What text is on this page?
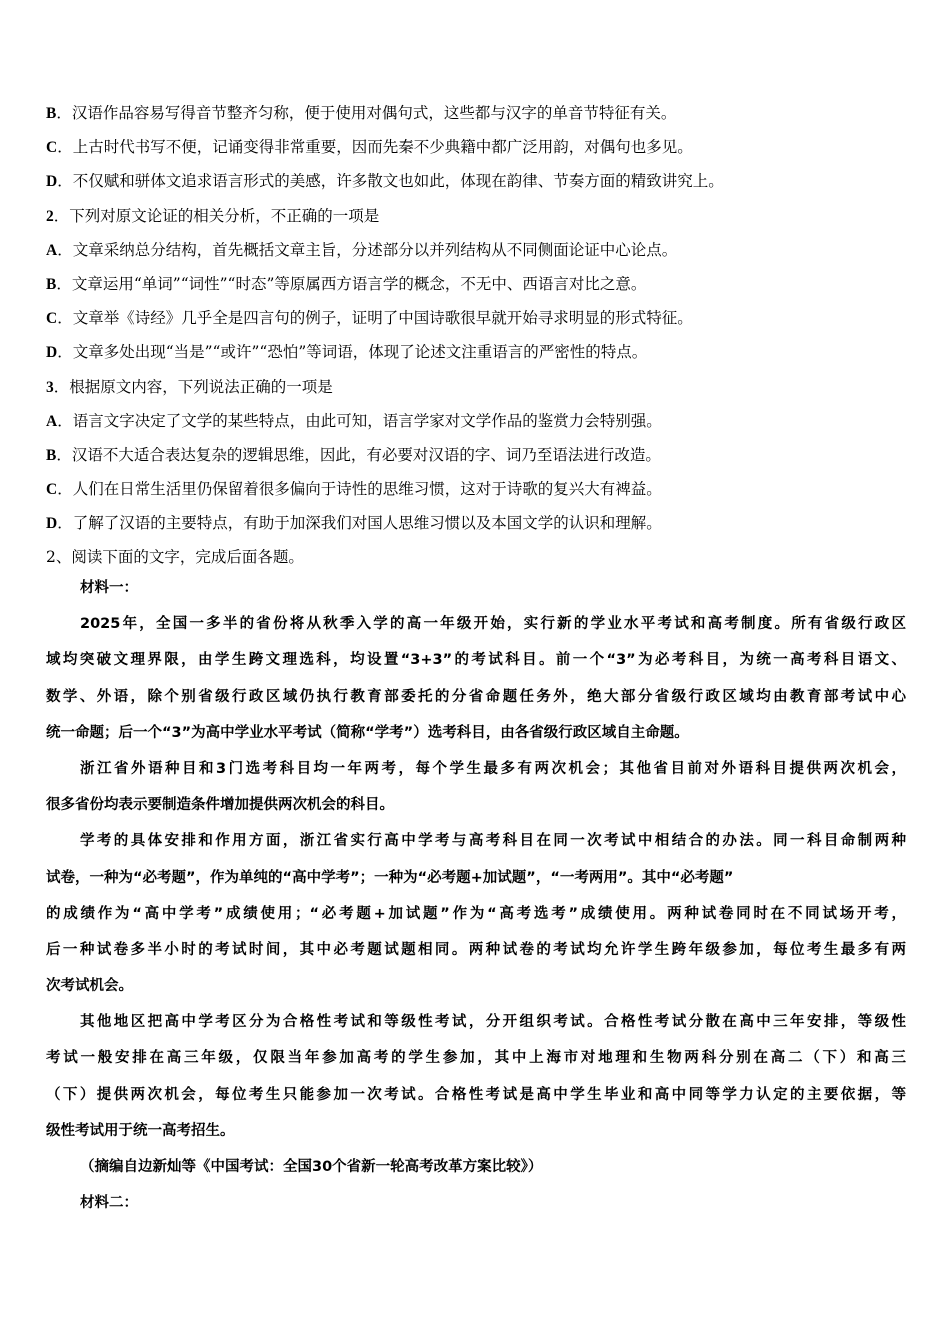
B．汉语作品容易写得音节整齐匀称，便于使用对偶句式，这些都与汉字的单音节特征有关。
C．上古时代书写不便，记诵变得非常重要，因而先秦不少典籍中都广泛用韵，对偶句也多见。
D．不仅赋和骈体文追求语言形式的美感，许多散文也如此，体现在韵律、节奏方面的精致讲究上。
2．下列对原文论证的相关分析，不正确的一项是
A．文章采纳总分结构，首先概括文章主旨，分述部分以并列结构从不同侧面论证中心论点。
B．文章运用“单词”“词性”“时态”等原属西方语言学的概念，不无中、西语言对比之意。
C．文章举《诗经》几乎全是四言句的例子，证明了中国诗歌很早就开始寻求明显的形式特征。
D．文章多处出现“当是”“或许”“恐怕”等词语，体现了论述文注重语言的严密性的特点。
3．根据原文内容，下列说法正确的一项是
A．语言文字决定了文学的某些特点，由此可知，语言学家对文学作品的鉴赏力会特别强。
B．汉语不大适合表达复杂的逻辑思维，因此，有必要对汉语的字、词乃至语法进行改造。
C．人们在日常生活里仍保留着很多偏向于诗性的思维习惯，这对于诗歌的复兴大有裨益。
D．了解了汉语的主要特点，有助于加深我们对国人思维习惯以及本国文学的认识和理解。
2、阅读下面的文字，完成后面各题。
材料一：
2025年，全国一多半的省份将从秋季入学的高一年级开始，实行新的学业水平考试和高考制度。所有省级行政区
域均突破文理界限，由学生跨文理选科，均设置“3+3”的考试科目。前一个“3”为必考科目，为统一高考科目语文、
数学、外语，除个别省级行政区域仍执行教育部委托的分省命题任务外，绝大部分省级行政区域均由教育部考试中心
统一命题；后一个“3”为高中学业水平考试（简称“学考”）选考科目，由各省级行政区域自主命题。
浙江省外语种目和3门选考科目均一年两考，每个学生最多有两次机会；其他省目前对外语科目提供两次机会，
很多省份均表示要制造条件增加提供两次机会的科目。
学考的具体安排和作用方面，浙江省实行高中学考与高考科目在同一次考试中相结合的办法。同一科目命制两种
试卷，一种为“必考题”，作为单纯的“高中学考”；一种为“必考题+加试题”，“一考两用”。其中“必考题”
的成绩作为“高中学考”成绩使用；“必考题+加试题”作为“高考选考”成绩使用。两种试卷同时在不同试场开考，
后一种试卷多半小时的考试时间，其中必考题试题相同。两种试卷的考试均允许学生跨年级参加，每位考生最多有两
次考试机会。
其他地区把高中学考区分为合格性考试和等级性考试，分开组织考试。合格性考试分散在高中三年安排，等级性
考试一般安排在高三年级，仅限当年参加高考的学生参加，其中上海市对地理和生物两科分别在高二（下）和高三
（下）提供两次机会，每位考生只能参加一次考试。合格性考试是高中学生毕业和高中同等学力认定的主要依据，等
级性考试用于统一高考招生。
（摘编自边新灿等《中国考试：全国30个省新一轮高考改革方案比较》）
材料二：
